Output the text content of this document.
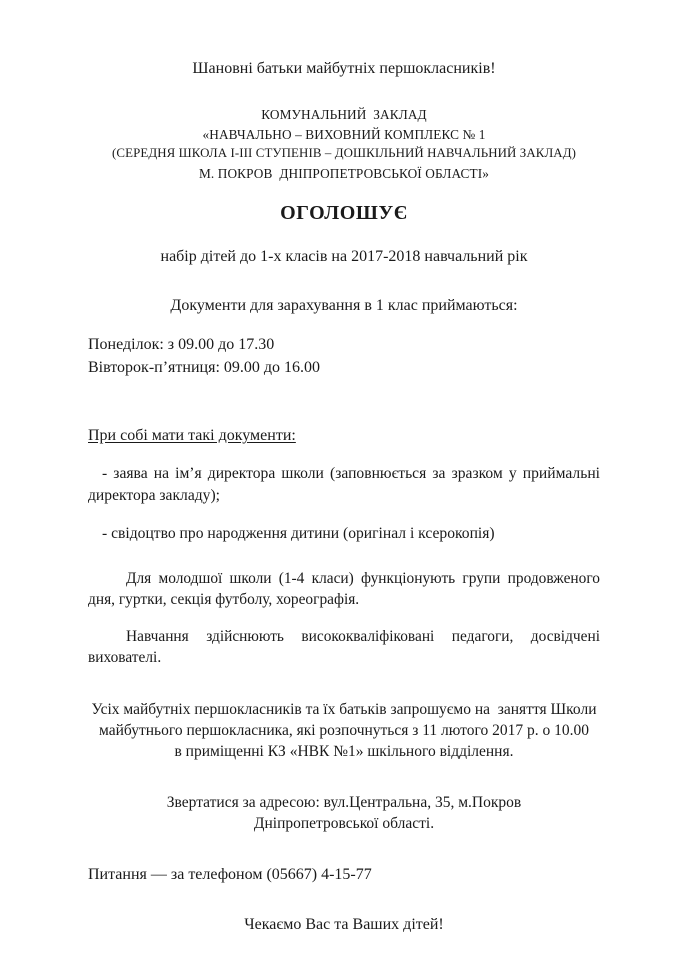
Шановні батьки майбутніх першокласників!

КОМУНАЛЬНИЙ  ЗАКЛАД

«НАВЧАЛЬНО – ВИХОВНИЙ КОМПЛЕКС № 1

(СЕРЕДНЯ ШКОЛА І-ІІІ СТУПЕНІВ – ДОШКІЛЬНИЙ НАВЧАЛЬНИЙ ЗАКЛАД)

М. ПОКРОВ  ДНІПРОПЕТРОВСЬКОЇ ОБЛАСТІ»

ОГОЛОШУЄ

набір дітей до 1-х класів на 2017-2018 навчальний рік

Документи для зарахування в 1 клас приймаються:

Понеділок: з 09.00 до 17.30

Вівторок-п’ятниця: 09.00 до 16.00

При собі мати такі документи:

- заява на ім’я директора школи (заповнюється за зразком у приймальні директора закладу);

- свідоцтво про народження дитини (оригінал і ксерокопія)

Для молодшої школи (1-4 класи) функціонують групи продовженого дня, гуртки, секція футболу, хореографія.

Навчання здійснюють висококваліфіковані педагоги, досвідчені вихователі.

Усіх майбутніх першокласників та їх батьків запрошуємо на  заняття Школи

майбутнього першокласника, які розпочнуться з 11 лютого 2017 р. о 10.00

в приміщенні КЗ «НВК №1» шкільного відділення.

Звертатися за адресою: вул.Центральна, 35, м.Покров

Дніпропетровської області.

Питання — за телефоном (05667) 4-15-77

Чекаємо Вас та Ваших дітей!
